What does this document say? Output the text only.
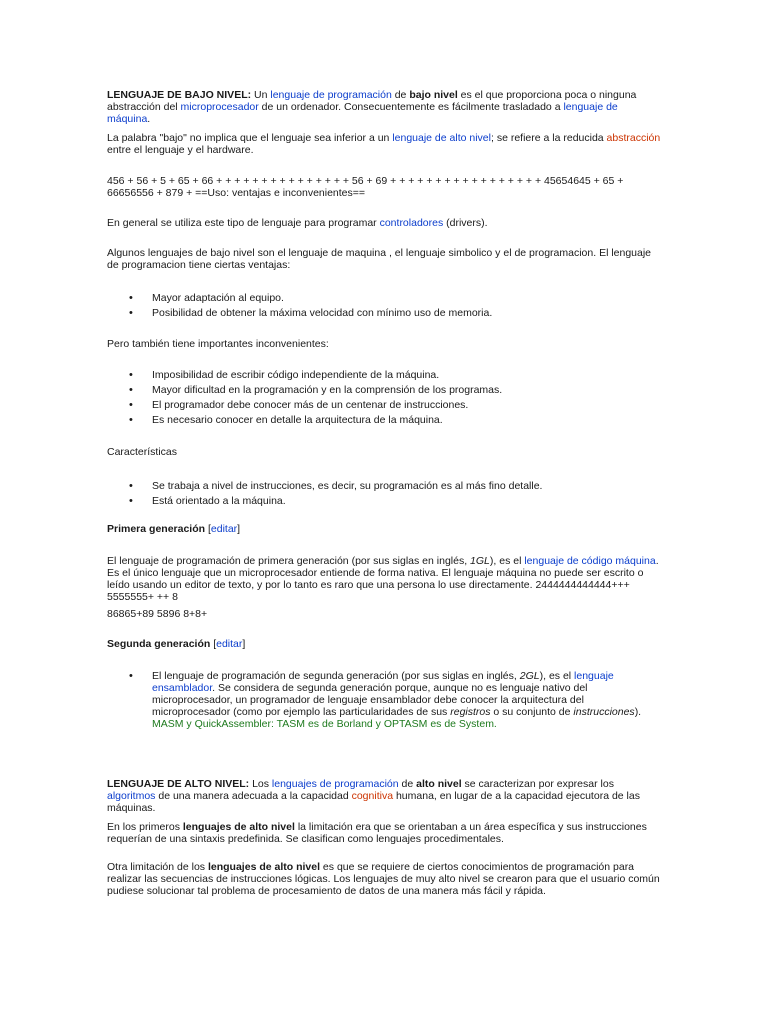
LENGUAJE DE BAJO NIVEL: Un lenguaje de programación de bajo nivel es el que proporciona poca o ninguna abstracción del microprocesador de un ordenador. Consecuentemente es fácilmente trasladado a lenguaje de máquina.

La palabra "bajo" no implica que el lenguaje sea inferior a un lenguaje de alto nivel; se refiere a la reducida abstracción entre el lenguaje y el hardware.

456 + 56 + 5 + 65 + 66 + + + + + + + + + + + + + + + 56 + 69 + + + + + + + + + + + + + + + + + 45654645 + 65 + 66656556 + 879 + ==Uso: ventajas e inconvenientes==

En general se utiliza este tipo de lenguaje para programar controladores (drivers).

Algunos lenguajes de bajo nivel son el lenguaje de maquina , el lenguaje simbolico y el de programacion. El lenguaje de programacion tiene ciertas ventajas:

• Mayor adaptación al equipo.
• Posibilidad de obtener la máxima velocidad con mínimo uso de memoria.

Pero también tiene importantes inconvenientes:

• Imposibilidad de escribir código independiente de la máquina.
• Mayor dificultad en la programación y en la comprensión de los programas.
• El programador debe conocer más de un centenar de instrucciones.
• Es necesario conocer en detalle la arquitectura de la máquina.

Características

• Se trabaja a nivel de instrucciones, es decir, su programación es al más fino detalle.
• Está orientado a la máquina.

Primera generación [editar]

El lenguaje de programación de primera generación (por sus siglas en inglés, 1GL), es el lenguaje de código máquina. Es el único lenguaje que un microprocesador entiende de forma nativa. El lenguaje máquina no puede ser escrito o leído usando un editor de texto, y por lo tanto es raro que una persona lo use directamente. 2444444444444+++ 5555555+ ++ 8

86865+89 5896 8+8+

Segunda generación [editar]

• El lenguaje de programación de segunda generación (por sus siglas en inglés, 2GL), es el lenguaje ensamblador. Se considera de segunda generación porque, aunque no es lenguaje nativo del microprocesador, un programador de lenguaje ensamblador debe conocer la arquitectura del microprocesador (como por ejemplo las particularidades de sus registros o su conjunto de instrucciones). MASM y QuickAssembler: TASM es de Borland y OPTASM es de System.

LENGUAJE DE ALTO NIVEL: Los lenguajes de programación de alto nivel se caracterizan por expresar los algoritmos de una manera adecuada a la capacidad cognitiva humana, en lugar de a la capacidad ejecutora de las máquinas.

En los primeros lenguajes de alto nivel la limitación era que se orientaban a un área específica y sus instrucciones requerían de una sintaxis predefinida. Se clasifican como lenguajes procedimentales.

Otra limitación de los lenguajes de alto nivel es que se requiere de ciertos conocimientos de programación para realizar las secuencias de instrucciones lógicas. Los lenguajes de muy alto nivel se crearon para que el usuario común pudiese solucionar tal problema de procesamiento de datos de una manera más fácil y rápida.
